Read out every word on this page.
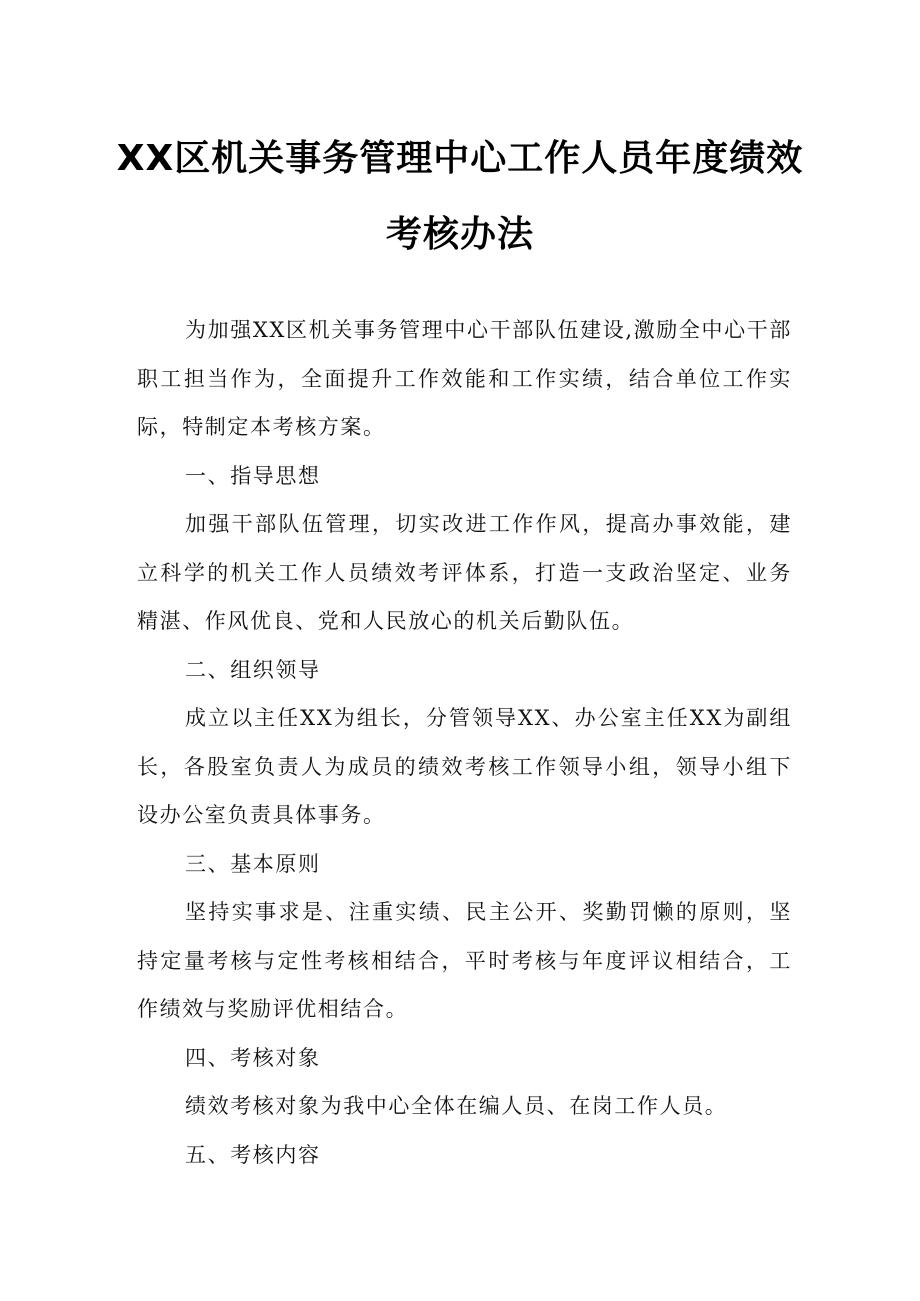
XX区机关事务管理中心工作人员年度绩效
考核办法

为加强XX区机关事务管理中心干部队伍建设,激励全中心干部职工担当作为，全面提升工作效能和工作实绩，结合单位工作实际，特制定本考核方案。

一、指导思想

加强干部队伍管理，切实改进工作作风，提高办事效能，建立科学的机关工作人员绩效考评体系，打造一支政治坚定、业务精湛、作风优良、党和人民放心的机关后勤队伍。

二、组织领导

成立以主任XX为组长，分管领导XX、办公室主任XX为副组长，各股室负责人为成员的绩效考核工作领导小组，领导小组下设办公室负责具体事务。

三、基本原则

坚持实事求是、注重实绩、民主公开、奖勤罚懒的原则，坚持定量考核与定性考核相结合，平时考核与年度评议相结合，工作绩效与奖励评优相结合。

四、考核对象

绩效考核对象为我中心全体在编人员、在岗工作人员。

五、考核内容
